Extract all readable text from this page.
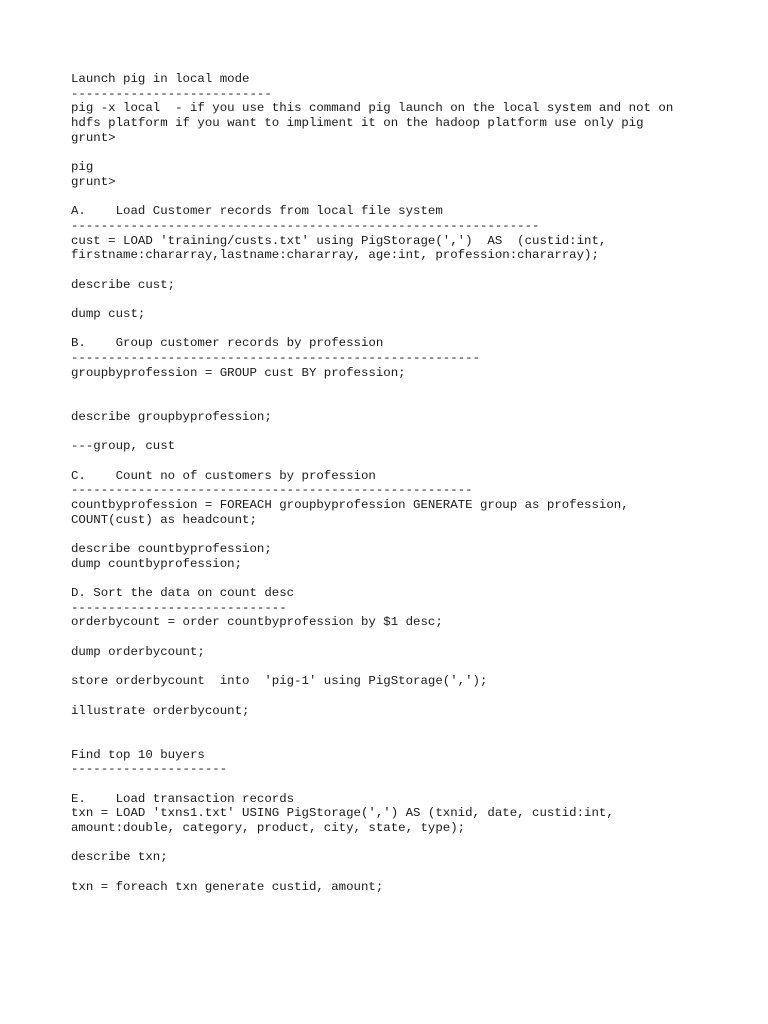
Launch pig in local mode
---------------------------
pig -x local  - if you use this command pig launch on the local system and not on
hdfs platform if you want to impliment it on the hadoop platform use only pig
grunt>
pig
grunt>
A.    Load Customer records from local file system
---------------------------------------------------------------
cust = LOAD 'training/custs.txt' using PigStorage(',')  AS  (custid:int,
firstname:chararray,lastname:chararray, age:int, profession:chararray);
describe cust;
dump cust;
B.    Group customer records by profession
-------------------------------------------------------
groupbyprofession = GROUP cust BY profession;
describe groupbyprofession;
---group, cust
C.    Count no of customers by profession
------------------------------------------------------
countbyprofession = FOREACH groupbyprofession GENERATE group as profession,
COUNT(cust) as headcount;
describe countbyprofession;
dump countbyprofession;
D. Sort the data on count desc
-----------------------------
orderbycount = order countbyprofession by $1 desc;
dump orderbycount;
store orderbycount  into  'pig-1' using PigStorage(',');
illustrate orderbycount;
Find top 10 buyers
---------------------
E.    Load transaction records
txn = LOAD 'txns1.txt' USING PigStorage(',') AS (txnid, date, custid:int,
amount:double, category, product, city, state, type);
describe txn;
txn = foreach txn generate custid, amount;
